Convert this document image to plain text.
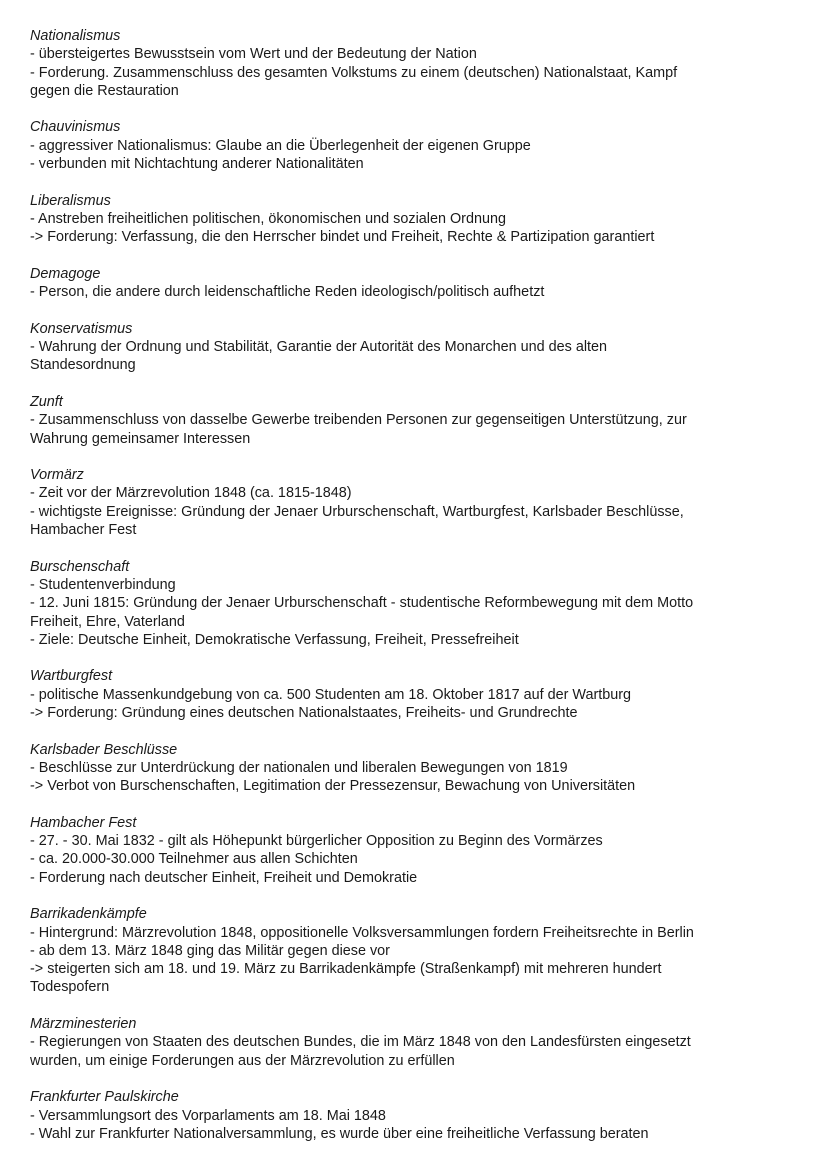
Nationalismus
- übersteigertes Bewusstsein vom Wert und der Bedeutung der Nation
- Forderung. Zusammenschluss des gesamten Volkstums zu einem (deutschen) Nationalstaat, Kampf
gegen die Restauration
Chauvinismus
- aggressiver Nationalismus: Glaube an die Überlegenheit der eigenen Gruppe
- verbunden mit Nichtachtung anderer Nationalitäten
Liberalismus
- Anstreben freiheitlichen politischen, ökonomischen und sozialen Ordnung
-> Forderung: Verfassung, die den Herrscher bindet und Freiheit, Rechte & Partizipation garantiert
Demagoge
- Person, die andere durch leidenschaftliche Reden ideologisch/politisch aufhetzt
Konservatismus
- Wahrung der Ordnung und Stabilität, Garantie der Autorität des Monarchen und des alten
Standesordnung
Zunft
- Zusammenschluss von dasselbe Gewerbe treibenden Personen zur gegenseitigen Unterstützung, zur
Wahrung gemeinsamer Interessen
Vormärz
- Zeit vor der Märzrevolution 1848 (ca. 1815-1848)
- wichtigste Ereignisse: Gründung der Jenaer Urburschenschaft, Wartburgfest, Karlsbader Beschlüsse,
Hambacher Fest
Burschenschaft
- Studentenverbindung
- 12. Juni 1815: Gründung der Jenaer Urburschenschaft - studentische Reformbewegung mit dem Motto
Freiheit, Ehre, Vaterland
- Ziele: Deutsche Einheit, Demokratische Verfassung, Freiheit, Pressefreiheit
Wartburgfest
- politische Massenkundgebung von ca. 500 Studenten am 18. Oktober 1817 auf der Wartburg
-> Forderung: Gründung eines deutschen Nationalstaates, Freiheits- und Grundrechte
Karlsbader Beschlüsse
- Beschlüsse zur Unterdrückung der nationalen und liberalen Bewegungen von 1819
-> Verbot von Burschenschaften, Legitimation der Pressezensur, Bewachung von Universitäten
Hambacher Fest
- 27. - 30. Mai 1832 - gilt als Höhepunkt bürgerlicher Opposition zu Beginn des Vormärzes
- ca. 20.000-30.000 Teilnehmer aus allen Schichten
- Forderung nach deutscher Einheit, Freiheit und Demokratie
Barrikadenkämpfe
- Hintergrund: Märzrevolution 1848, oppositionelle Volksversammlungen fordern Freiheitsrechte in Berlin
- ab dem 13. März 1848 ging das Militär gegen diese vor
-> steigerten sich am 18. und 19. März zu Barrikadenkämpfe (Straßenkampf) mit mehreren hundert
Todespofern
Märzminesterien
- Regierungen von Staaten des deutschen Bundes, die im März 1848 von den Landesfürsten eingesetzt
wurden, um einige Forderungen aus der Märzrevolution zu erfüllen
Frankfurter Paulskirche
- Versammlungsort des Vorparlaments am 18. Mai 1848
- Wahl zur Frankfurter Nationalversammlung, es wurde über eine freiheitliche Verfassung beraten
